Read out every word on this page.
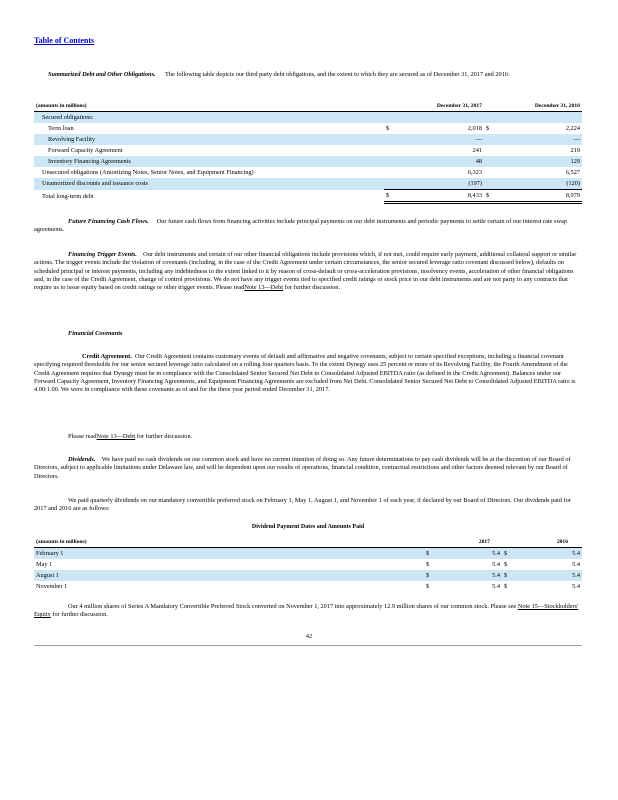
Table of Contents
Summarized Debt and Other Obligations. The following table depicts our third party debt obligations, and the extent to which they are secured as of December 31, 2017 and 2016:
(amounts in millions)		December 31, 2017		December 31, 2016
Secured obligations:				
Term loan	$	2,018	$	2,224
Revolving Facility		—		—
Forward Capacity Agreement		241		219
Inventory Financing Agreements		48		129
Unsecured obligations (Amortizing Notes, Senior Notes, and Equipment Financing)		6,323		6,527
Unamortized discounts and issuance costs		(197)		(120)
Total long-term debt	$	8,433	$	8,979
Future Financing Cash Flows. Our future cash flows from financing activities include principal payments on our debt instruments and periodic payments to settle certain of our interest rate swap agreements.
Financing Trigger Events. Our debt instruments and certain of our other financial obligations include provisions which, if not met, could require early payment, additional collateral support or similar actions. The trigger events include the violation of covenants (including, in the case of the Credit Agreement under certain circumstances, the senior secured leverage ratio covenant discussed below), defaults on scheduled principal or interest payments, including any indebtedness to the extent linked to it by reason of cross-default or cross-acceleration provisions, insolvency events, acceleration of other financial obligations and, in the case of the Credit Agreement, change of control provisions. We do not have any trigger events tied to specified credit ratings or stock price in our debt instruments and are not party to any contracts that require us to issue equity based on credit ratings or other trigger events. Please readNote 13—Debt for further discussion.
Financial Covenants
Credit Agreement. Our Credit Agreement contains customary events of default and affirmative and negative covenants, subject to certain specified exceptions, including a financial covenant specifying required thresholds for our senior secured leverage ratio calculated on a rolling four quarters basis. To the extent Dynegy uses 25 percent or more of its Revolving Facility, the Fourth Amendment of the Credit Agreement requires that Dynegy must be in compliance with the Consolidated Senior Secured Net Debt to Consolidated Adjusted EBITDA ratio (as defined in the Credit Agreement). Balances under our Forward Capacity Agreement, Inventory Financing Agreements, and Equipment Financing Agreements are excluded from Net Debt. Consolidated Senior Secured Net Debt to Consolidated Adjusted EBITDA ratio is 4.00:1.00. We were in compliance with these covenants as of and for the three year period ended December 31, 2017.
Please readNote 13—Debt for further discussion.
Dividends. We have paid no cash dividends on our common stock and have no current intention of doing so. Any future determinations to pay cash dividends will be at the discretion of our Board of Directors, subject to applicable limitations under Delaware law, and will be dependent upon our results of operations, financial condition, contractual restrictions and other factors deemed relevant by our Board of Directors.
We paid quarterly dividends on our mandatory convertible preferred stock on February 1, May 1, August 1, and November 1 of each year, if declared by our Board of Directors. Our dividends paid for 2017 and 2016 are as follows:
Dividend Payment Dates and Amounts Paid
(amounts in millions)		2017		2016
February 1	$	5.4	$	5.4
May 1	$	5.4	$	5.4
August 1	$	5.4	$	5.4
November 1	$	5.4	$	5.4
Our 4 million shares of Series A Mandatory Convertible Preferred Stock converted on November 1, 2017 into approximately 12.9 million shares of our common stock. Please see Note 15—Stockholders' Equity for further discussion.
42
